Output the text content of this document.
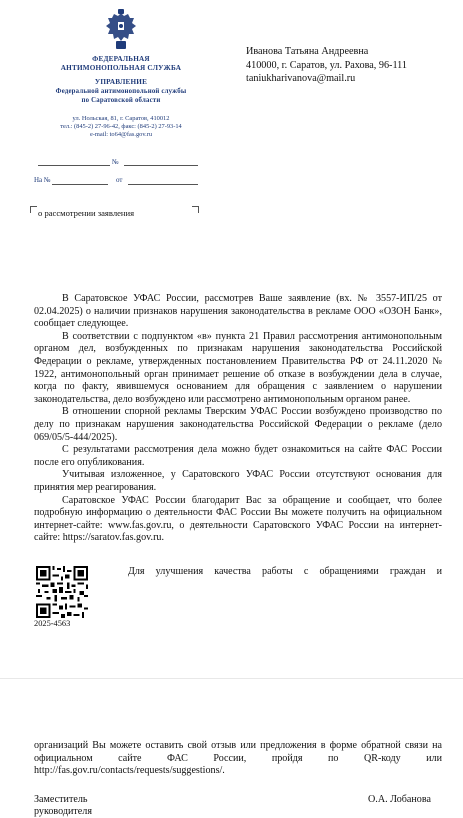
ФЕДЕРАЛЬНАЯ
АНТИМОНОПОЛЬНАЯ СЛУЖБА
УПРАВЛЕНИЕ
Федеральной антимонопольной службы
по Саратовской области
ул. Нольская, 81, г. Саратов, 410012
тел.: (845-2) 27-96-42, факс: (845-2) 27-93-14
e-mail: to64@fas.gov.ru
№
На №	от
Иванова Татьяна Андреевна
410000, г. Саратов, ул. Рахова, 96-111
taniukharivanova@mail.ru
о рассмотрении заявления

В Саратовское УФАС России, рассмотрев Ваше заявление (вх. № 3557-ИП/25 от 02.04.2025) о наличии признаков нарушения законодательства в рекламе ООО «ОЗОН Банк», сообщает следующее.

В соответствии с подпунктом «в» пункта 21 Правил рассмотрения антимонопольным органом дел, возбужденных по признакам нарушения законодательства Российской Федерации о рекламе, утвержденных постановлением Правительства РФ от 24.11.2020 № 1922, антимонопольный орган принимает решение об отказе в возбуждении дела в случае, когда по факту, явившемуся основанием для обращения с заявлением о нарушении законодательства, дело возбуждено или рассмотрено антимонопольным органом ранее.

В отношении спорной рекламы Тверским УФАС России возбуждено производство по делу по признакам нарушения законодательства Российской Федерации о рекламе (дело 069/05/5-444/2025).

С результатами рассмотрения дела можно будет ознакомиться на сайте ФАС России после его опубликования.

Учитывая изложенное, у Саратовского УФАС России отсутствуют основания для принятия мер реагирования.

Саратовское УФАС России благодарит Вас за обращение и сообщает, что более подробную информацию о деятельности ФАС России Вы можете получить на официальном интернет-сайте: www.fas.gov.ru, о деятельности Саратовского УФАС России на интернет-сайте: https://saratov.fas.gov.ru.

Для улучшения качества работы с обращениями граждан и
2025-4563
организаций Вы можете оставить свой отзыв или предложения в форме обратной связи на официальном сайте ФАС России, пройдя по QR-коду или http://fas.gov.ru/contacts/requests/suggestions/.
Заместитель
руководителя
О.А. Лобанова
